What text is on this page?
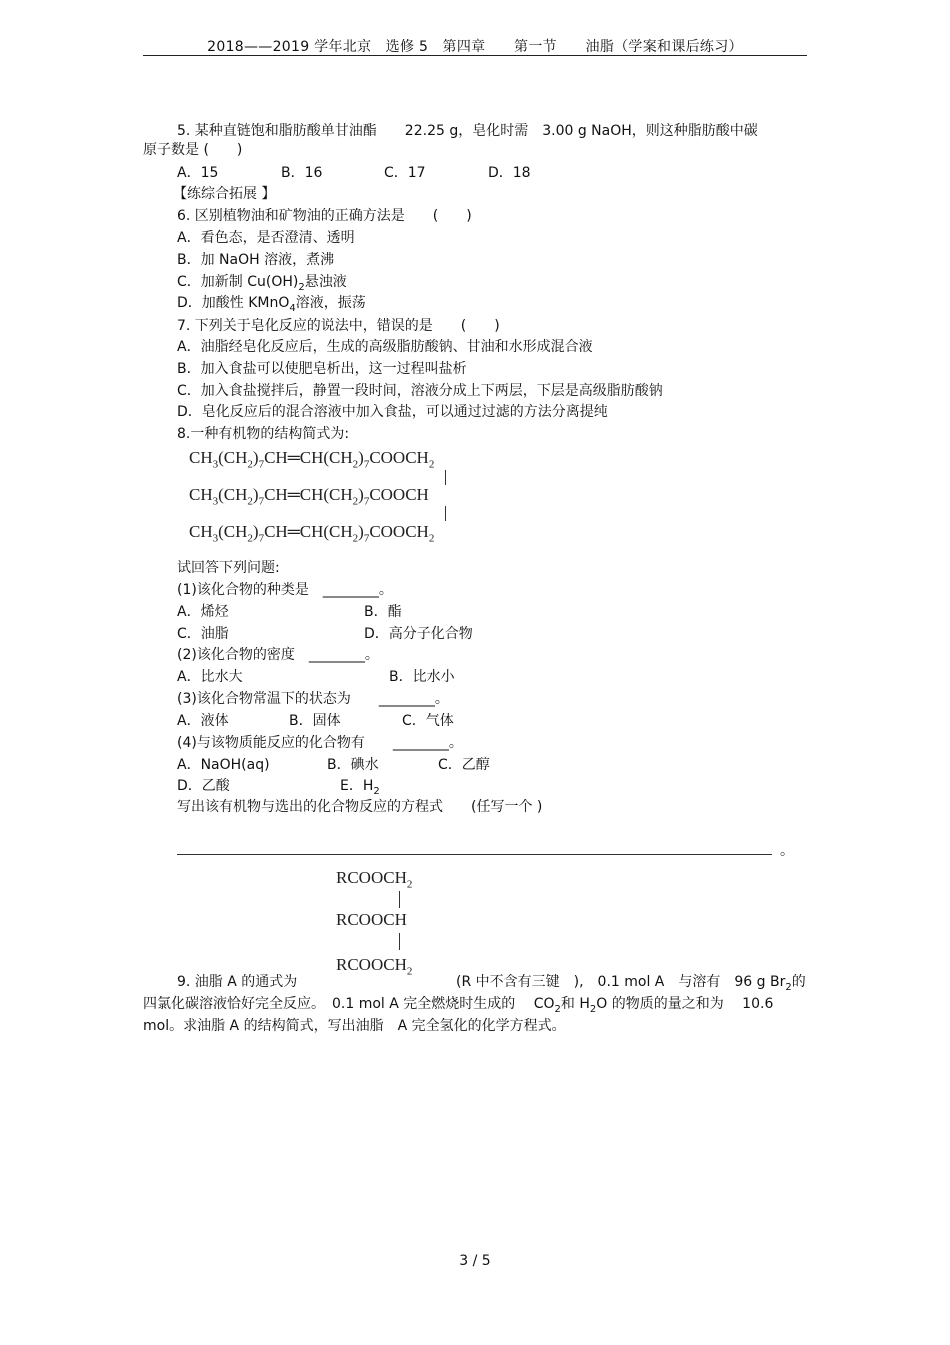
2018——2019 学年北京　选修 5　第四章　　第一节　　油脂（学案和课后练习）
5. 某种直链饱和脂肪酸单甘油酯　　22.25 g，皂化时需　3.00 g NaOH，则这种脂肪酸中碳
原子数是 (　　)
A．15	B．16	C．17	D．18
【练综合拓展 】
6. 区别植物油和矿物油的正确方法是　　(　　)
A．看色态，是否澄清、透明
B．加 NaOH 溶液，煮沸
C．加新制 $Cu(OH)_2$悬浊液
D．加酸性 KMnO$_4$溶液，振荡
7. 下列关于皂化反应的说法中，错误的是　　(　　)
A．油脂经皂化反应后，生成的高级脂肪酸钠、甘油和水形成混合液
B．加入食盐可以使肥皂析出，这一过程叫盐析
C．加入食盐搅拌后，静置一段时间，溶液分成上下两层，下层是高级脂肪酸钠
D．皂化反应后的混合溶液中加入食盐，可以通过过滤的方法分离提纯
8.一种有机物的结构简式为:
$CH_3(CH_2)_7CH═CH(CH_2)_7COOCH_2$
$CH_3(CH_2)_7CH═CH(CH_2)_7COOCH$
$CH_3(CH_2)_7CH═CH(CH_2)_7COOCH_2$
试回答下列问题:
(1)该化合物的种类是　________。
A．烯烃	B．酯
C．油脂	D．高分子化合物
(2)该化合物的密度　________。
A．比水大	B．比水小
(3)该化合物常温下的状态为　　________。
A．液体	B．固体	C．气体
(4)与该物质能反应的化合物有　　________。
A．NaOH(aq)	B．碘水	C．乙醇
D．乙酸	E．$H_2$
写出该有机物与选出的化合物反应的方程式　　(任写一个 )
。
$RCOOCH_2$
RCOOCH
$RCOOCH_2$
9. 油脂 A 的通式为	(R 中不含有三键　),　0.1 mol A　与溶有　96 g $Br_2$的
四氯化碳溶液恰好完全反应。　0.1 mol A 完全燃烧时生成的　 $CO_2$和 $H_2O$ 的物质的量之和为　 10.6
mol。求油脂 A 的结构简式，写出油脂　A 完全氢化的化学方程式。
3 / 5
